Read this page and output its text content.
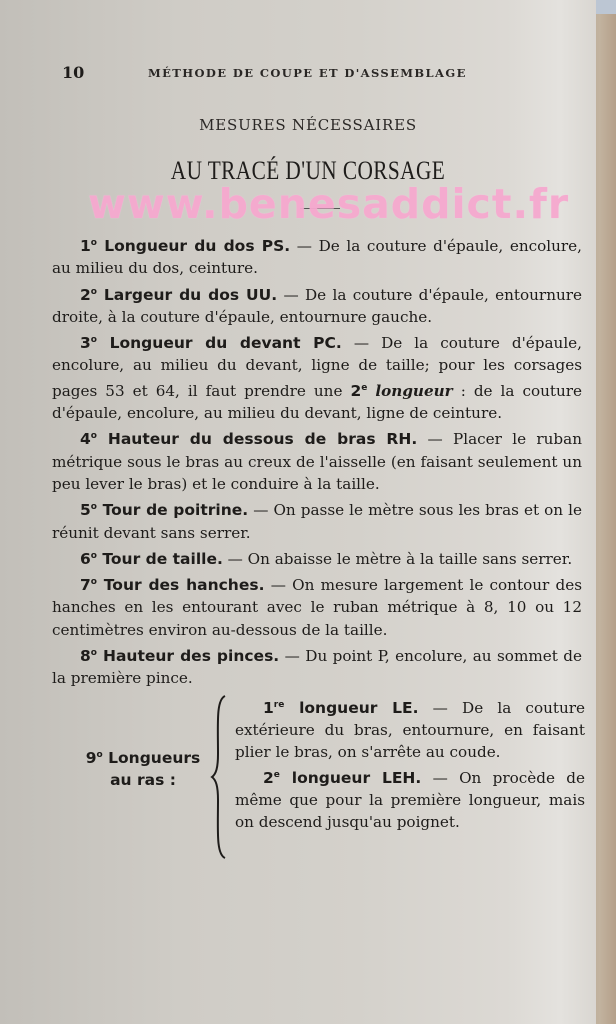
10	MÉTHODE DE COUPE ET D'ASSEMBLAGE
MESURES NÉCESSAIRES
AU TRACÉ D'UN CORSAGE

1$^o$ Longueur du dos PS. — De la couture d'épaule, encolure, au milieu du dos, ceinture.

2$^o$ Largeur du dos UU. — De la couture d'épaule, entournure droite, à la couture d'épaule, entournure gauche.

3$^o$ Longueur du devant PC. — De la couture d'épaule, encolure, au milieu du devant, ligne de taille; pour les corsages pages 53 et 64, il faut prendre une 2e longueur : de la couture d'épaule, encolure, au milieu du devant, ligne de ceinture.

4$^o$ Hauteur du dessous de bras RH. — Placer le ruban métrique sous le bras au creux de l'aisselle (en faisant seulement un peu lever le bras) et le conduire à la taille.

5$^o$ Tour de poitrine. — On passe le mètre sous les bras et on le réunit devant sans serrer.

6$^o$ Tour de taille. — On abaisse le mètre à la taille sans serrer.

7$^o$ Tour des hanches. — On mesure largement le contour des hanches en les entourant avec le ruban métrique à 8, 10 ou 12 centimètres environ au-dessous de la taille.

8$^o$ Hauteur des pinces. — Du point P, encolure, au sommet de la première pince.

9$^o$ Longueurs
au ras :

1re longueur LE. — De la couture extérieure du bras, entournure, en faisant plier le bras, on s'arrête au coude.

2e longueur LEH. — On procède de même que pour la première longueur, mais on descend jusqu'au poignet.

www.benesaddict.fr
